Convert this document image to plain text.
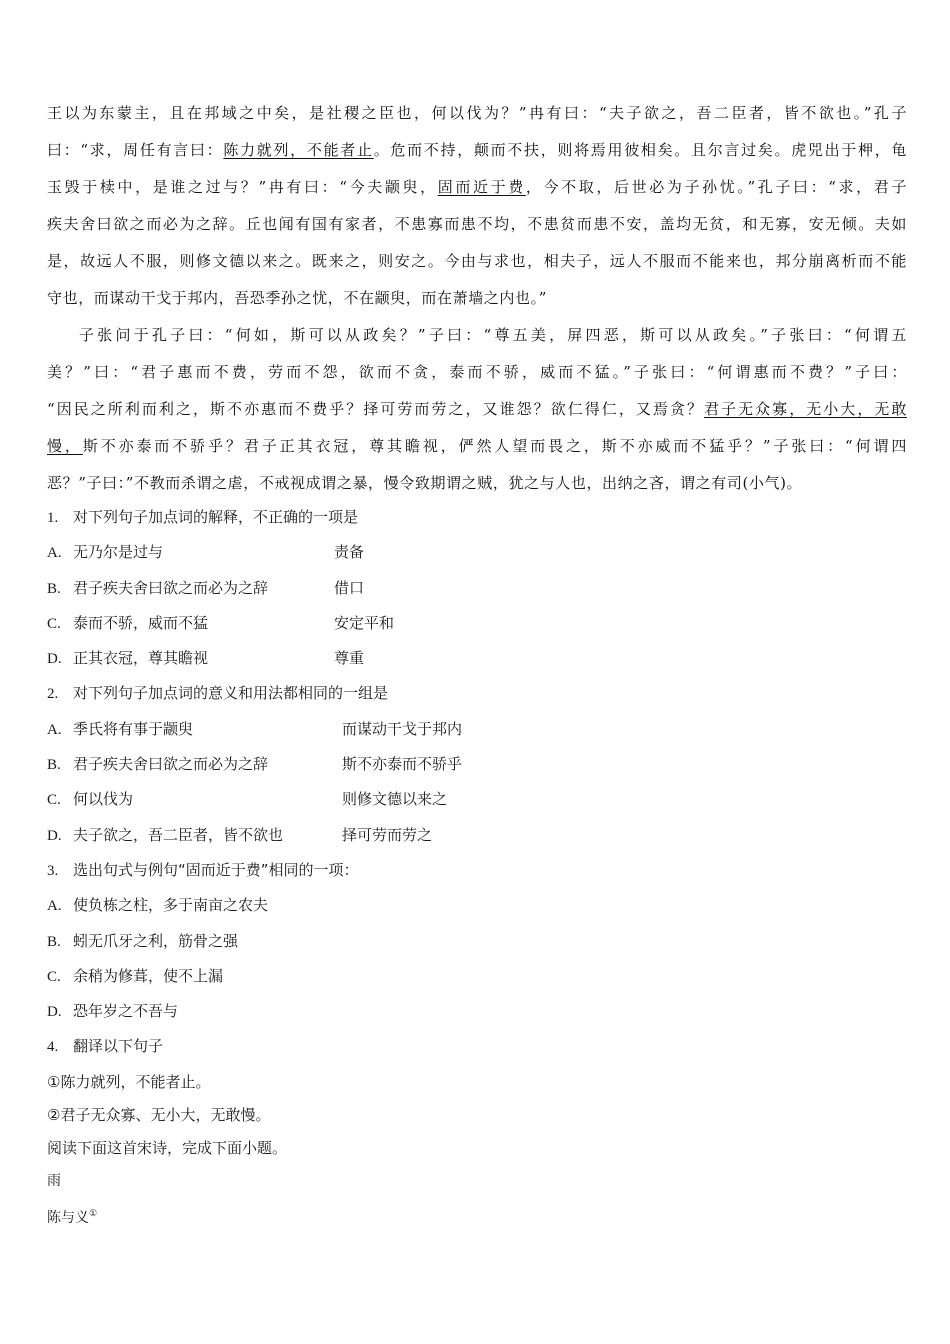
王以为东蒙主，且在邦域之中矣，是社稷之臣也，何以伐为？”冉有曰：“夫子欲之，吾二臣者，皆不欲也。”孔子
曰：“求，周任有言曰：陈力就列，不能者止。危而不持，颠而不扶，则将焉用彼相矣。且尔言过矣。虎兕出于柙，龟
玉毁于椟中，是谁之过与？”冉有曰：“今夫颛臾，固而近于费，今不取，后世必为子孙忧。”孔子曰：“求，君子
疾夫舍曰欲之而必为之辞。丘也闻有国有家者，不患寡而患不均，不患贫而患不安，盖均无贫，和无寡，安无倾。夫如
是，故远人不服，则修文德以来之。既来之，则安之。今由与求也，相夫子，远人不服而不能来也，邦分崩离析而不能
守也，而谋动干戈于邦内，吾恐季孙之忧，不在颛臾，而在萧墙之内也。”
子张问于孔子曰：“何如，斯可以从政矣？”子曰：“尊五美，屏四恶，斯可以从政矣。”子张曰：“何谓五
美？”曰：“君子惠而不费，劳而不怨，欲而不贪，泰而不骄，威而不猛。”子张曰：“何谓惠而不费？”子曰：
“因民之所利而利之，斯不亦惠而不费乎？择可劳而劳之，又谁怨？欲仁得仁，又焉贪？君子无众寡，无小大，无敢
慢，斯不亦泰而不骄乎？君子正其衣冠，尊其瞻视，俨然人望而畏之，斯不亦威而不猛乎？”子张曰：“何谓四
恶？”子曰：”不教而杀谓之虐，不戒视成谓之暴，慢令致期谓之贼，犹之与人也，出纳之吝，谓之有司(小气)。
1. 对下列句子加点词的解释，不正确的一项是
A. 无乃尔是过与	责备
B. 君子疾夫舍曰欲之而必为之辞	借口
C. 泰而不骄，威而不猛	安定平和
D. 正其衣冠，尊其瞻视	尊重
2. 对下列句子加点词的意义和用法都相同的一组是
A. 季氏将有事于颛臾	而谋动干戈于邦内
B. 君子疾夫舍曰欲之而必为之辞	斯不亦泰而不骄乎
C. 何以伐为	则修文德以来之
D. 夫子欲之，吾二臣者，皆不欲也	择可劳而劳之
3. 选出句式与例句“固而近于费”相同的一项：
A. 使负栋之柱，多于南亩之农夫
B. 蚓无爪牙之利，筋骨之强
C. 余稍为修葺，使不上漏
D. 恐年岁之不吾与
4. 翻译以下句子
①陈力就列，不能者止。
②君子无众寡、无小大，无敢慢。
阅读下面这首宋诗，完成下面小题。
雨
陈与义①
